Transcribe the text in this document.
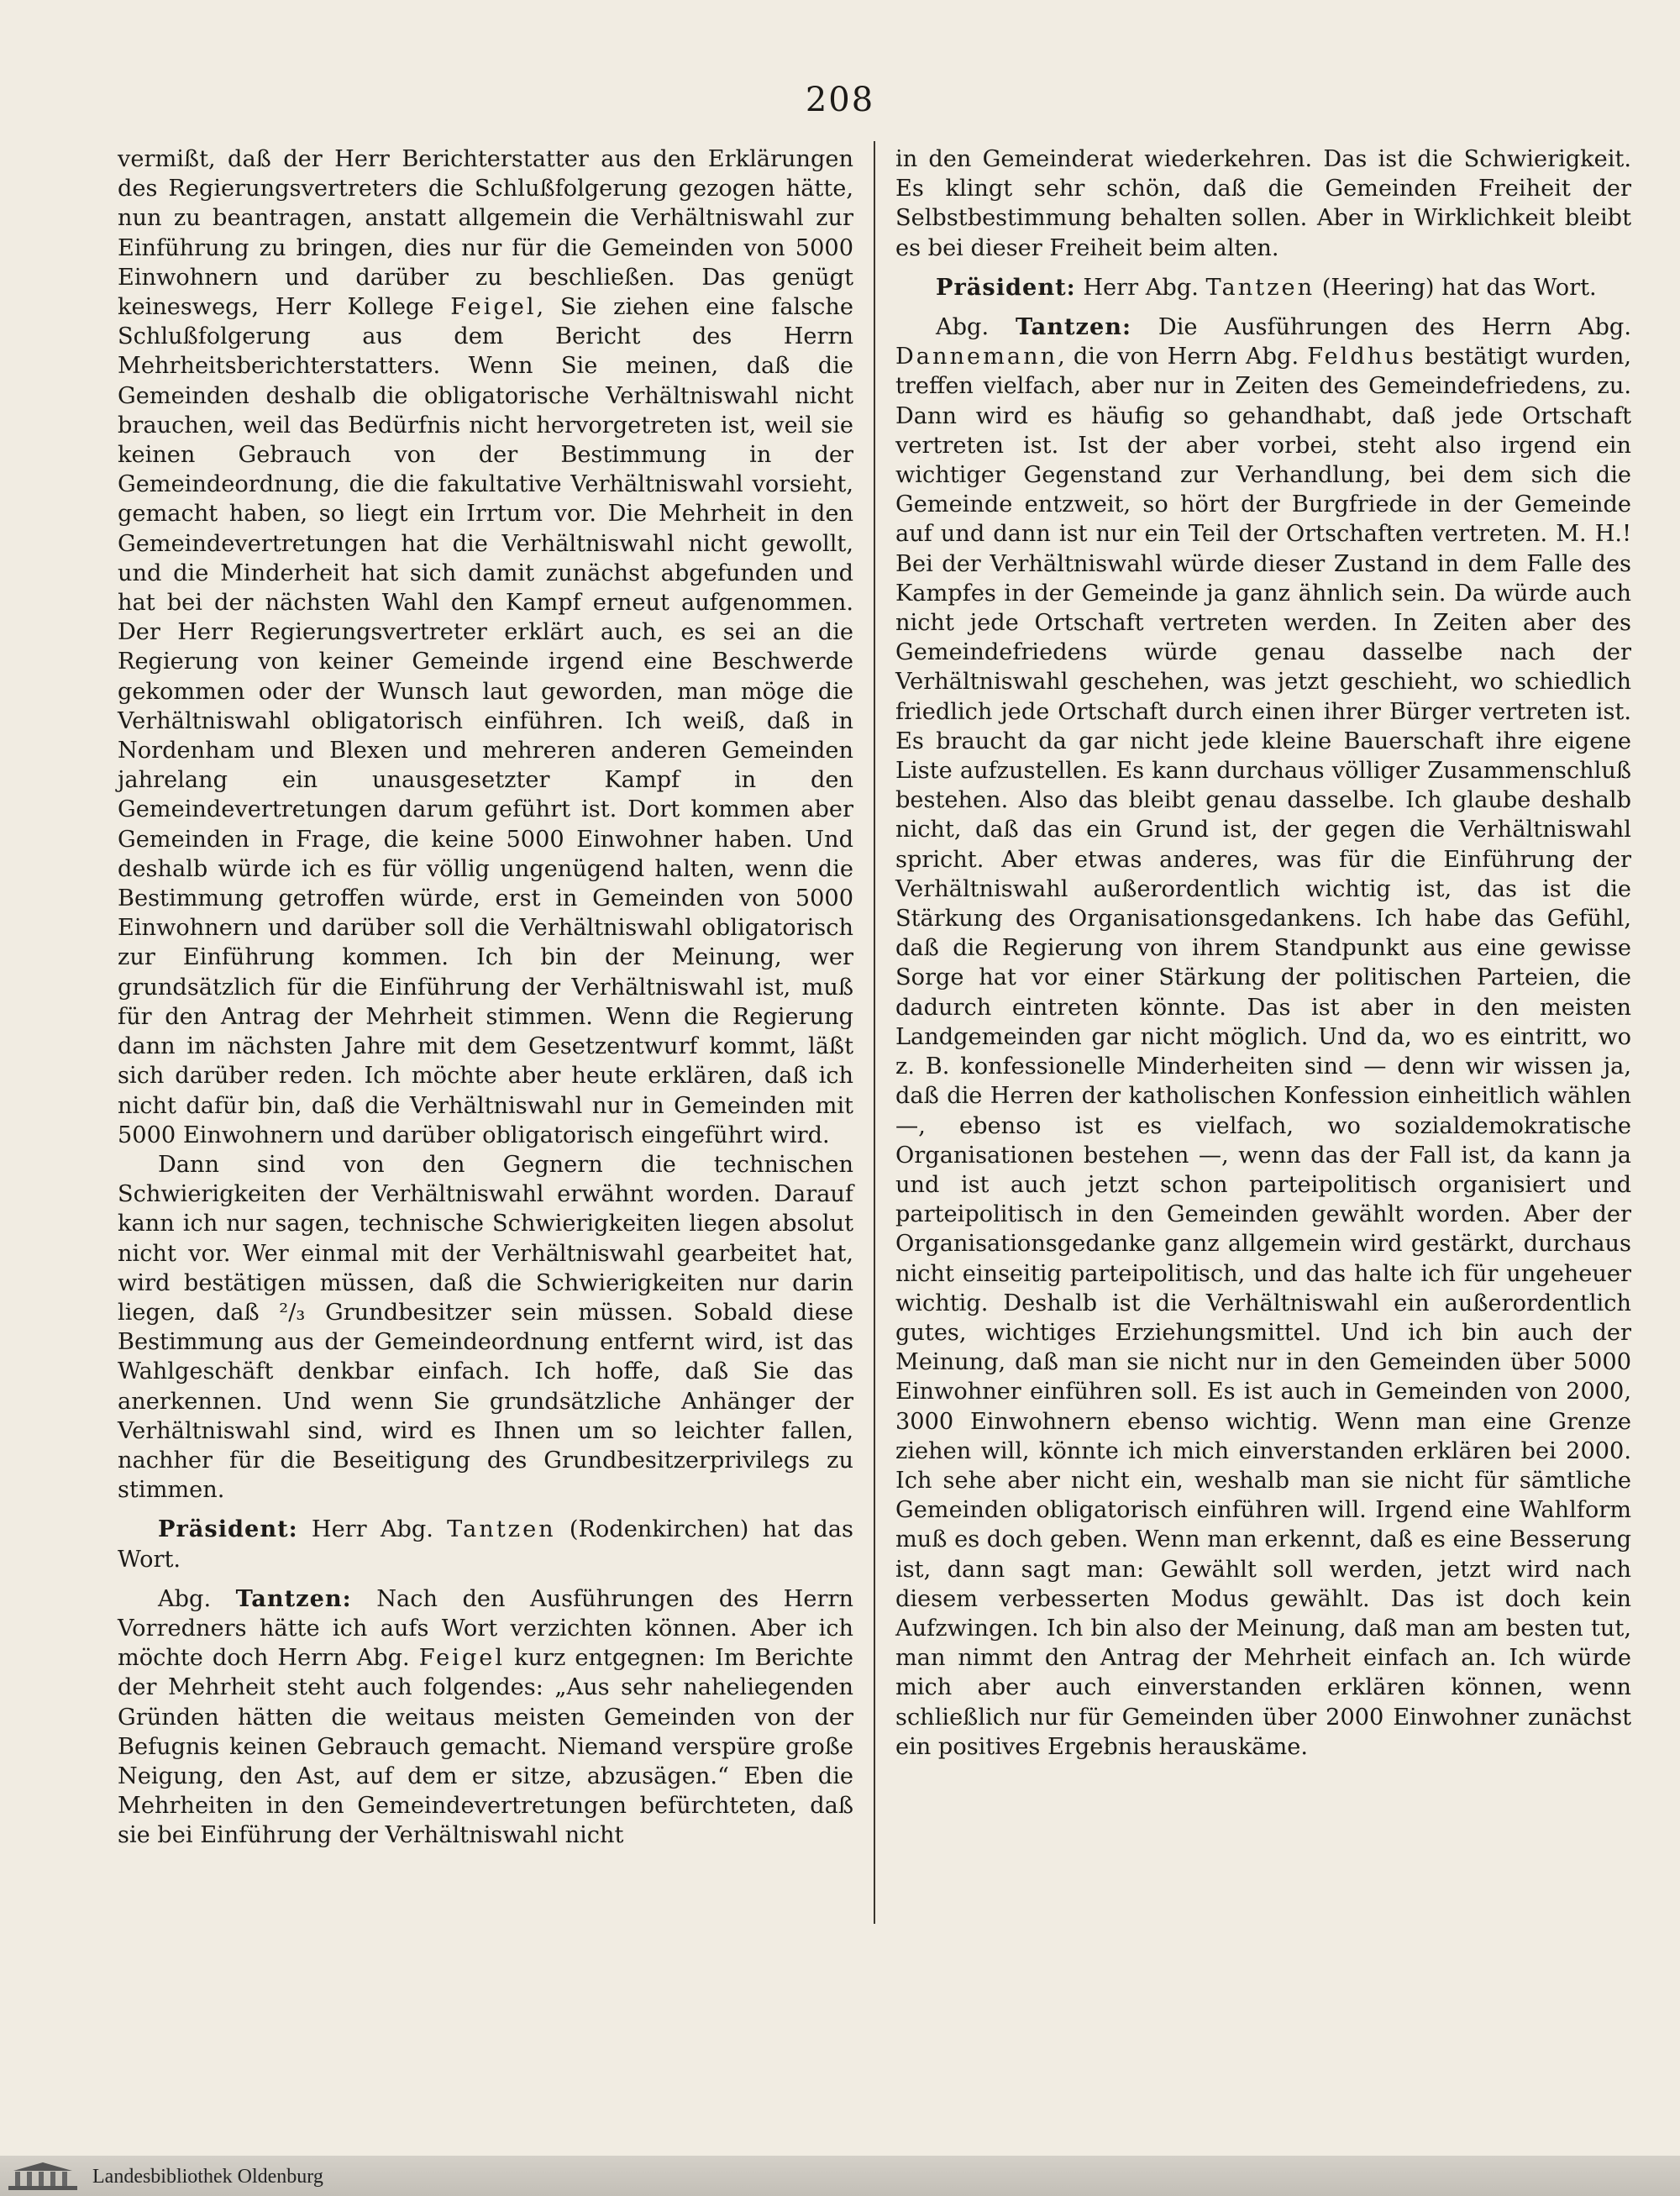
208

vermißt, daß der Herr Berichterstatter aus den Erklärungen des Regierungsvertreters die Schlußfolgerung gezogen hätte, nun zu beantragen, anstatt allgemein die Verhältniswahl zur Einführung zu bringen, dies nur für die Gemeinden von 5000 Einwohnern und darüber zu beschließen. Das genügt keineswegs, Herr Kollege Feigel, Sie ziehen eine falsche Schlußfolgerung aus dem Bericht des Herrn Mehrheitsberichterstatters. Wenn Sie meinen, daß die Gemeinden deshalb die obligatorische Verhältniswahl nicht brauchen, weil das Bedürfnis nicht hervorgetreten ist, weil sie keinen Gebrauch von der Bestimmung in der Gemeindeordnung, die die fakultative Verhältniswahl vorsieht, gemacht haben, so liegt ein Irrtum vor. Die Mehrheit in den Gemeindevertretungen hat die Verhältniswahl nicht gewollt, und die Minderheit hat sich damit zunächst abgefunden und hat bei der nächsten Wahl den Kampf erneut aufgenommen. Der Herr Regierungsvertreter erklärt auch, es sei an die Regierung von keiner Gemeinde irgend eine Beschwerde gekommen oder der Wunsch laut geworden, man möge die Verhältniswahl obligatorisch einführen. Ich weiß, daß in Nordenham und Blexen und mehreren anderen Gemeinden jahrelang ein unausgesetzter Kampf in den Gemeindevertretungen darum geführt ist. Dort kommen aber Gemeinden in Frage, die keine 5000 Einwohner haben. Und deshalb würde ich es für völlig ungenügend halten, wenn die Bestimmung getroffen würde, erst in Gemeinden von 5000 Einwohnern und darüber soll die Verhältniswahl obligatorisch zur Einführung kommen. Ich bin der Meinung, wer grundsätzlich für die Einführung der Verhältniswahl ist, muß für den Antrag der Mehrheit stimmen. Wenn die Regierung dann im nächsten Jahre mit dem Gesetzentwurf kommt, läßt sich darüber reden. Ich möchte aber heute erklären, daß ich nicht dafür bin, daß die Verhältniswahl nur in Gemeinden mit 5000 Einwohnern und darüber obligatorisch eingeführt wird.

Dann sind von den Gegnern die technischen Schwierigkeiten der Verhältniswahl erwähnt worden. Darauf kann ich nur sagen, technische Schwierigkeiten liegen absolut nicht vor. Wer einmal mit der Verhältniswahl gearbeitet hat, wird bestätigen müssen, daß die Schwierigkeiten nur darin liegen, daß ²/₃ Grundbesitzer sein müssen. Sobald diese Bestimmung aus der Gemeindeordnung entfernt wird, ist das Wahlgeschäft denkbar einfach. Ich hoffe, daß Sie das anerkennen. Und wenn Sie grundsätzliche Anhänger der Verhältniswahl sind, wird es Ihnen um so leichter fallen, nachher für die Beseitigung des Grundbesitzerprivilegs zu stimmen.

Präsident: Herr Abg. Tantzen (Rodenkirchen) hat das Wort.

Abg. Tantzen: Nach den Ausführungen des Herrn Vorredners hätte ich aufs Wort verzichten können. Aber ich möchte doch Herrn Abg. Feigel kurz entgegnen: Im Berichte der Mehrheit steht auch folgendes: „Aus sehr naheliegenden Gründen hätten die weitaus meisten Gemeinden von der Befugnis keinen Gebrauch gemacht. Niemand verspüre große Neigung, den Ast, auf dem er sitze, abzusägen.“ Eben die Mehrheiten in den Gemeindevertretungen befürchteten, daß sie bei Einführung der Verhältniswahl nicht

in den Gemeinderat wiederkehren. Das ist die Schwierigkeit. Es klingt sehr schön, daß die Gemeinden Freiheit der Selbstbestimmung behalten sollen. Aber in Wirklichkeit bleibt es bei dieser Freiheit beim alten.

Präsident: Herr Abg. Tantzen (Heering) hat das Wort.

Abg. Tantzen: Die Ausführungen des Herrn Abg. Dannemann, die von Herrn Abg. Feldhus bestätigt wurden, treffen vielfach, aber nur in Zeiten des Gemeindefriedens, zu. Dann wird es häufig so gehandhabt, daß jede Ortschaft vertreten ist. Ist der aber vorbei, steht also irgend ein wichtiger Gegenstand zur Verhandlung, bei dem sich die Gemeinde entzweit, so hört der Burgfriede in der Gemeinde auf und dann ist nur ein Teil der Ortschaften vertreten. M. H.! Bei der Verhältniswahl würde dieser Zustand in dem Falle des Kampfes in der Gemeinde ja ganz ähnlich sein. Da würde auch nicht jede Ortschaft vertreten werden. In Zeiten aber des Gemeindefriedens würde genau dasselbe nach der Verhältniswahl geschehen, was jetzt geschieht, wo schiedlich friedlich jede Ortschaft durch einen ihrer Bürger vertreten ist. Es braucht da gar nicht jede kleine Bauerschaft ihre eigene Liste aufzustellen. Es kann durchaus völliger Zusammenschluß bestehen. Also das bleibt genau dasselbe. Ich glaube deshalb nicht, daß das ein Grund ist, der gegen die Verhältniswahl spricht. Aber etwas anderes, was für die Einführung der Verhältniswahl außerordentlich wichtig ist, das ist die Stärkung des Organisationsgedankens. Ich habe das Gefühl, daß die Regierung von ihrem Standpunkt aus eine gewisse Sorge hat vor einer Stärkung der politischen Parteien, die dadurch eintreten könnte. Das ist aber in den meisten Landgemeinden gar nicht möglich. Und da, wo es eintritt, wo z. B. konfessionelle Minderheiten sind — denn wir wissen ja, daß die Herren der katholischen Konfession einheitlich wählen —, ebenso ist es vielfach, wo sozialdemokratische Organisationen bestehen —, wenn das der Fall ist, da kann ja und ist auch jetzt schon parteipolitisch organisiert und parteipolitisch in den Gemeinden gewählt worden. Aber der Organisationsgedanke ganz allgemein wird gestärkt, durchaus nicht einseitig parteipolitisch, und das halte ich für ungeheuer wichtig. Deshalb ist die Verhältniswahl ein außerordentlich gutes, wichtiges Erziehungsmittel. Und ich bin auch der Meinung, daß man sie nicht nur in den Gemeinden über 5000 Einwohner einführen soll. Es ist auch in Gemeinden von 2000, 3000 Einwohnern ebenso wichtig. Wenn man eine Grenze ziehen will, könnte ich mich einverstanden erklären bei 2000. Ich sehe aber nicht ein, weshalb man sie nicht für sämtliche Gemeinden obligatorisch einführen will. Irgend eine Wahlform muß es doch geben. Wenn man erkennt, daß es eine Besserung ist, dann sagt man: Gewählt soll werden, jetzt wird nach diesem verbesserten Modus gewählt. Das ist doch kein Aufzwingen. Ich bin also der Meinung, daß man am besten tut, man nimmt den Antrag der Mehrheit einfach an. Ich würde mich aber auch einverstanden erklären können, wenn schließlich nur für Gemeinden über 2000 Einwohner zunächst ein positives Ergebnis herauskäme.

Landesbibliothek Oldenburg
